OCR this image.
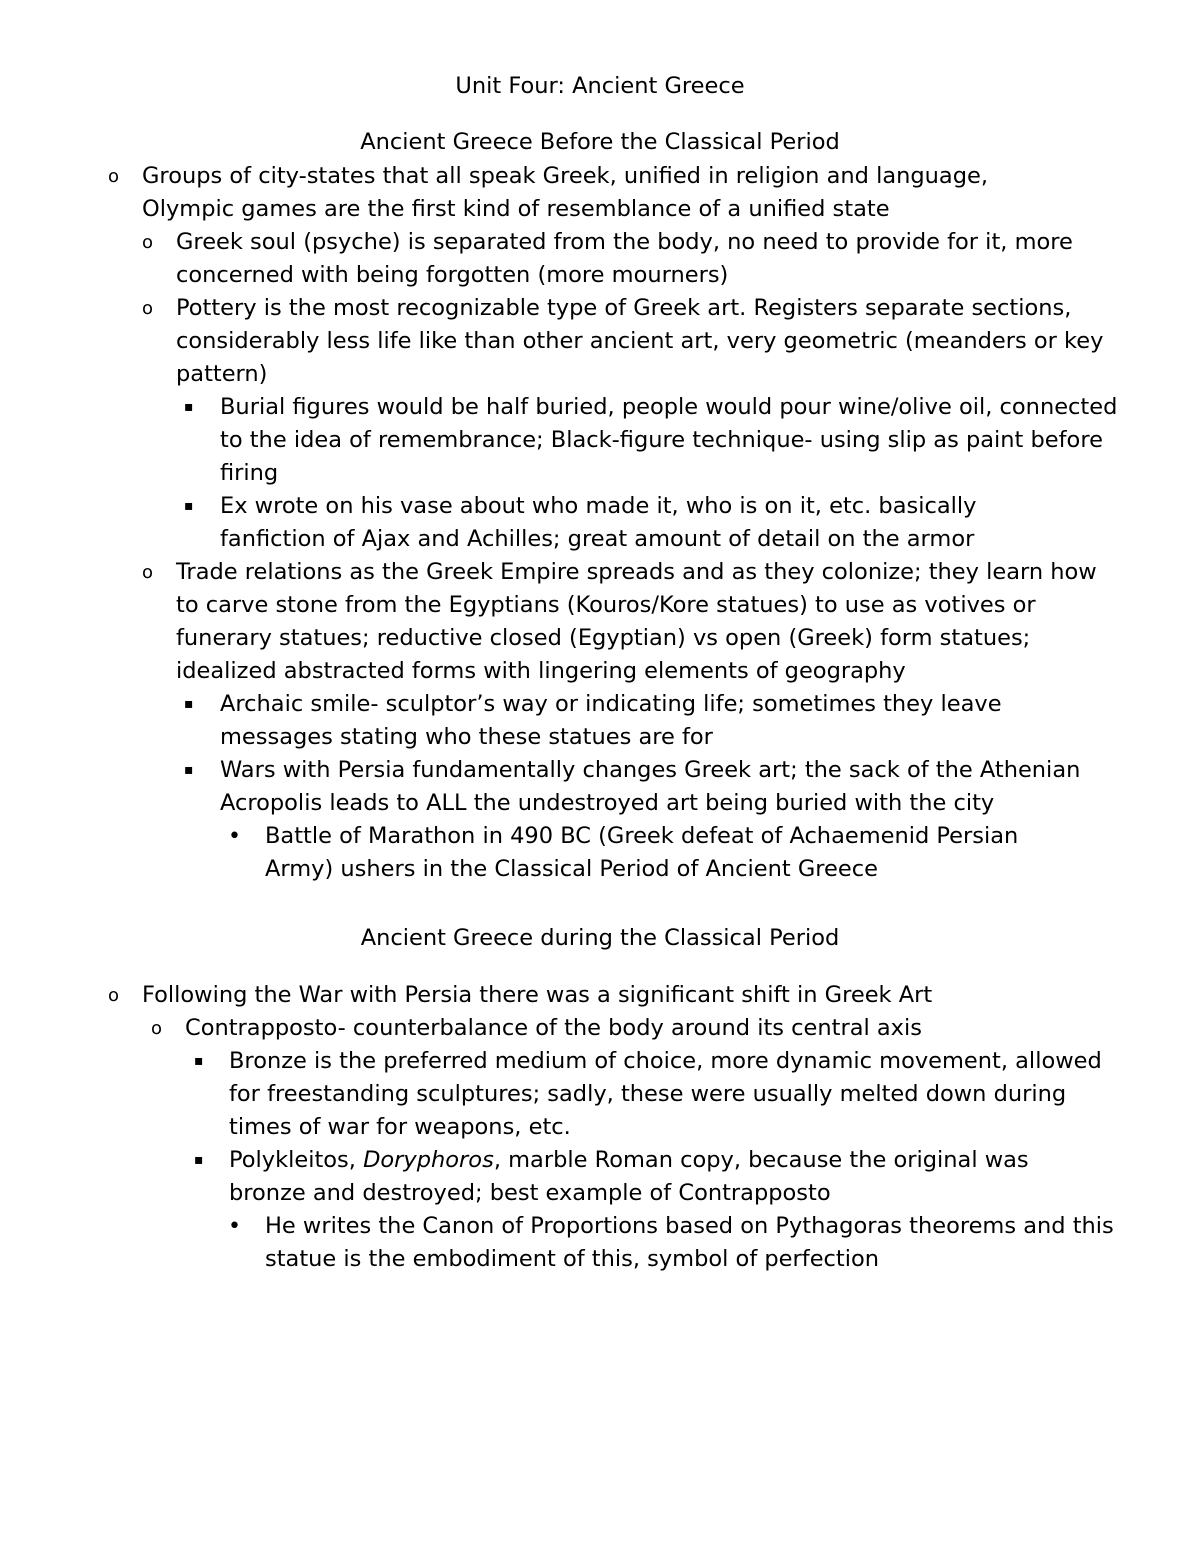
Unit Four: Ancient Greece
Ancient Greece Before the Classical Period
o Groups of city-states that all speak Greek, unified in religion and language, Olympic games are the first kind of resemblance of a unified state
o Greek soul (psyche) is separated from the body, no need to provide for it, more concerned with being forgotten (more mourners)
o Pottery is the most recognizable type of Greek art. Registers separate sections, considerably less life like than other ancient art, very geometric (meanders or key pattern)
▪ Burial figures would be half buried, people would pour wine/olive oil, connected to the idea of remembrance; Black-figure technique- using slip as paint before firing
▪ Ex wrote on his vase about who made it, who is on it, etc. basically fanfiction of Ajax and Achilles; great amount of detail on the armor
o Trade relations as the Greek Empire spreads and as they colonize; they learn how to carve stone from the Egyptians (Kouros/Kore statues) to use as votives or funerary statues; reductive closed (Egyptian) vs open (Greek) form statues; idealized abstracted forms with lingering elements of geography
▪ Archaic smile- sculptor’s way or indicating life; sometimes they leave messages stating who these statues are for
▪ Wars with Persia fundamentally changes Greek art; the sack of the Athenian Acropolis leads to ALL the undestroyed art being buried with the city
• Battle of Marathon in 490 BC (Greek defeat of Achaemenid Persian Army) ushers in the Classical Period of Ancient Greece
Ancient Greece during the Classical Period
o Following the War with Persia there was a significant shift in Greek Art
o Contrapposto- counterbalance of the body around its central axis
▪ Bronze is the preferred medium of choice, more dynamic movement, allowed for freestanding sculptures; sadly, these were usually melted down during times of war for weapons, etc.
▪ Polykleitos, Doryphoros, marble Roman copy, because the original was bronze and destroyed; best example of Contrapposto
• He writes the Canon of Proportions based on Pythagoras theorems and this statue is the embodiment of this, symbol of perfection
